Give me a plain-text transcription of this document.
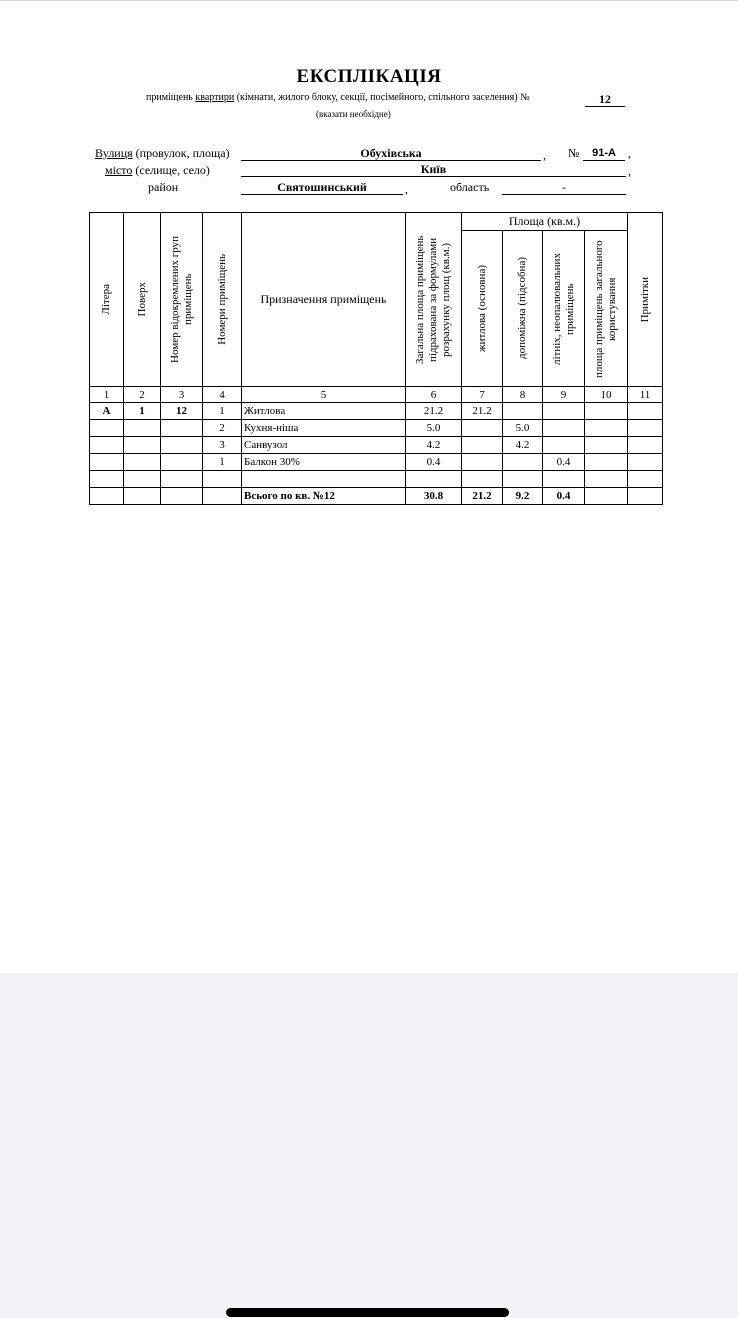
ЕКСПЛІКАЦІЯ
приміщень квартири (кімнати, жилого блоку, секції, посімейного, спільного заселення) №	12
(вказати необхідне)
Вулиця (провулок, площа)	Обухівська	, №	91-А	,
місто (селище, село)	Київ	,
район	Святошинський	,	область	-
Літера	Поверх	Номер відокремлених груп приміщень	Номери приміщень	Призначення приміщень	Загальна площа приміщень підрахована за формулами розрахунку площ (кв.м.)	Площа (кв.м.)				Примітки

						житлова (основна)	допоміжна (підсобна)	літніх, неопалювальних приміщень	площа приміщень загального користування	

1	2	3	4	5	6	7	8	9	10	11
А	1	12	1	Житлова	21.2	21.2				
			2	Кухня-ніша	5.0		5.0			
			3	Санвузол	4.2		4.2			
			1	Балкон 30%	0.4			0.4		

				Всього по кв. №12	30.8	21.2	9.2	0.4		
